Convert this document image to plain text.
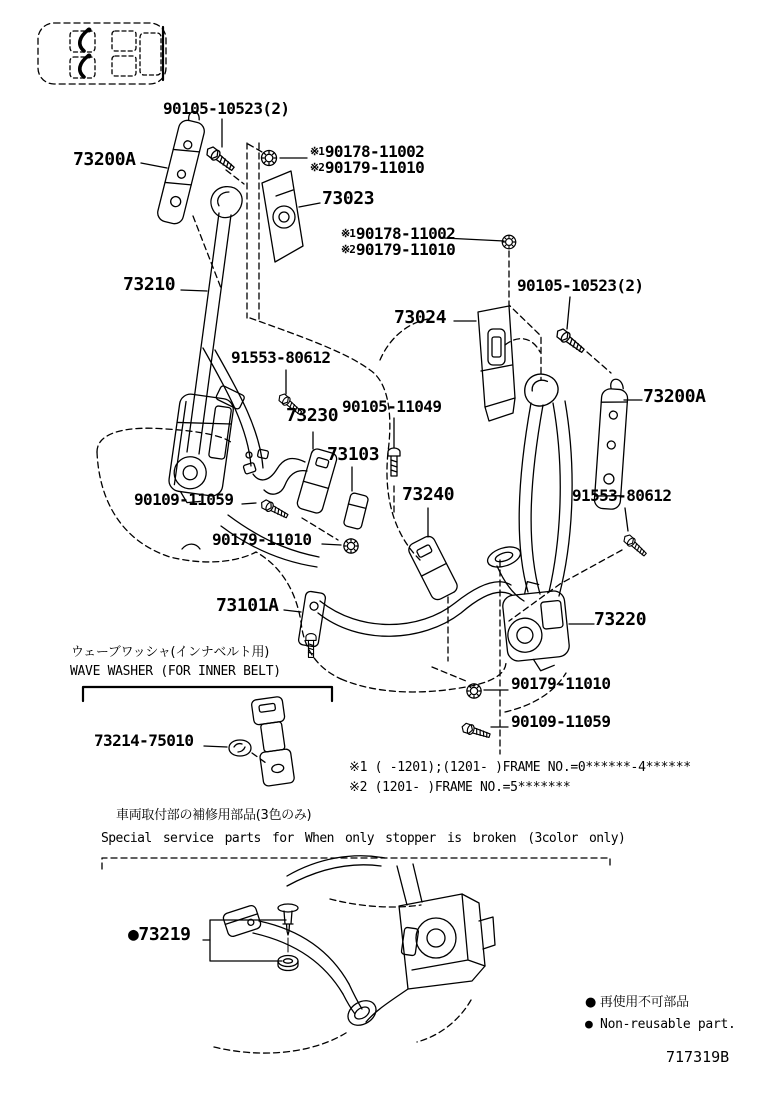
90105-10523(2)
73200A	※190178-11002
※290179-11010
73023
※190178-11002
※290179-11010
73210	90105-10523(2)
73024
91553-80612
73200A
90105-11049
73230
73103
90109-11059	73240	91553-80612
90179-11010
73101A
73220
90179-11010
90109-11059
73214-75010
●73219
ウェーブワッシャ(インナベルト用)
WAVE WASHER (FOR INNER BELT)
※1 ( -1201);(1201- )FRAME NO.=0******-4******
※2 (1201- )FRAME NO.=5*******
車両取付部の補修用部品(3色のみ)
Special service parts for When only stopper is broken (3color only)
● 再使用不可部品
● Non-reusable part.
717319B
